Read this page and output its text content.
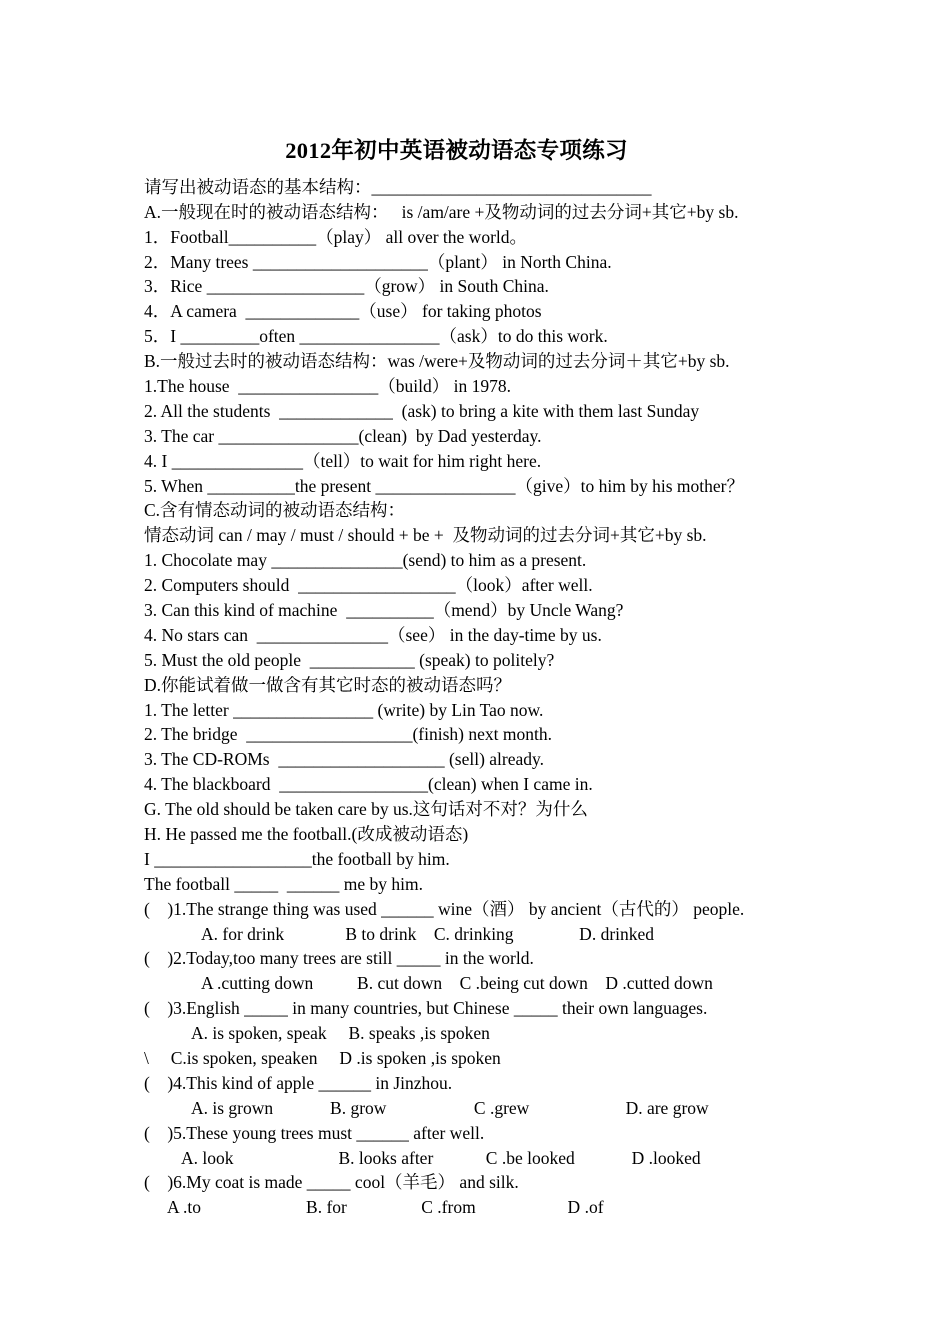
2012年初中英语被动语态专项练习
请写出被动语态的基本结构：________________________________
A.一般现在时的被动语态结构：   is /am/are +及物动词的过去分词+其它+by sb.
1．Football__________（play） all over the world。
2．Many trees ____________________（plant） in North China.
3．Rice __________________（grow） in South China.
4．A camera  _____________（use） for taking photos
5．I _________often ________________（ask）to do this work.
B.一般过去时的被动语态结构：was /were+及物动词的过去分词＋其它+by sb.
1.The house  ________________（build） in 1978.
2. All the students  _____________  (ask) to bring a kite with them last Sunday
3. The car ________________(clean)  by Dad yesterday.
4. I _______________（tell）to wait for him right here.
5. When __________the present ________________（give）to him by his mother？
C.含有情态动词的被动语态结构：
情态动词 can / may / must / should + be +  及物动词的过去分词+其它+by sb.
1. Chocolate may _______________(send) to him as a present.
2. Computers should  __________________（look）after well.
3. Can this kind of machine  __________（mend）by Uncle Wang?
4. No stars can  _______________（see） in the day-time by us.
5. Must the old people  ____________ (speak) to politely?
D.你能试着做一做含有其它时态的被动语态吗？
1. The letter ________________ (write) by Lin Tao now.
2. The bridge  ___________________(finish) next month.
3. The CD-ROMs  ___________________ (sell) already.
4. The blackboard  _________________(clean) when I came in.
G. The old should be taken care by us.这句话对不对？为什么
H. He passed me the football.(改成被动语态)
I __________________the football by him.
The football _____  ______ me by him.
(    )1.The strange thing was used ______ wine（酒） by ancient（古代的） people.
A. for drink              B to drink    C. drinking               D. drinked
(    )2.Today,too many trees are still _____ in the world.
A .cutting down          B. cut down    C .being cut down    D .cutted down
(    )3.English _____ in many countries, but Chinese _____ their own languages.
A. is spoken, speak     B. speaks ,is spoken
\     C.is spoken, speaken     D .is spoken ,is spoken
(    )4.This kind of apple ______ in Jinzhou.
A. is grown             B. grow                    C .grew                      D. are grow
(    )5.These young trees must ______ after well.
A. look                        B. looks after            C .be looked             D .looked
(    )6.My coat is made _____ cool（羊毛） and silk.
A .to                        B. for                 C .from                     D .of
